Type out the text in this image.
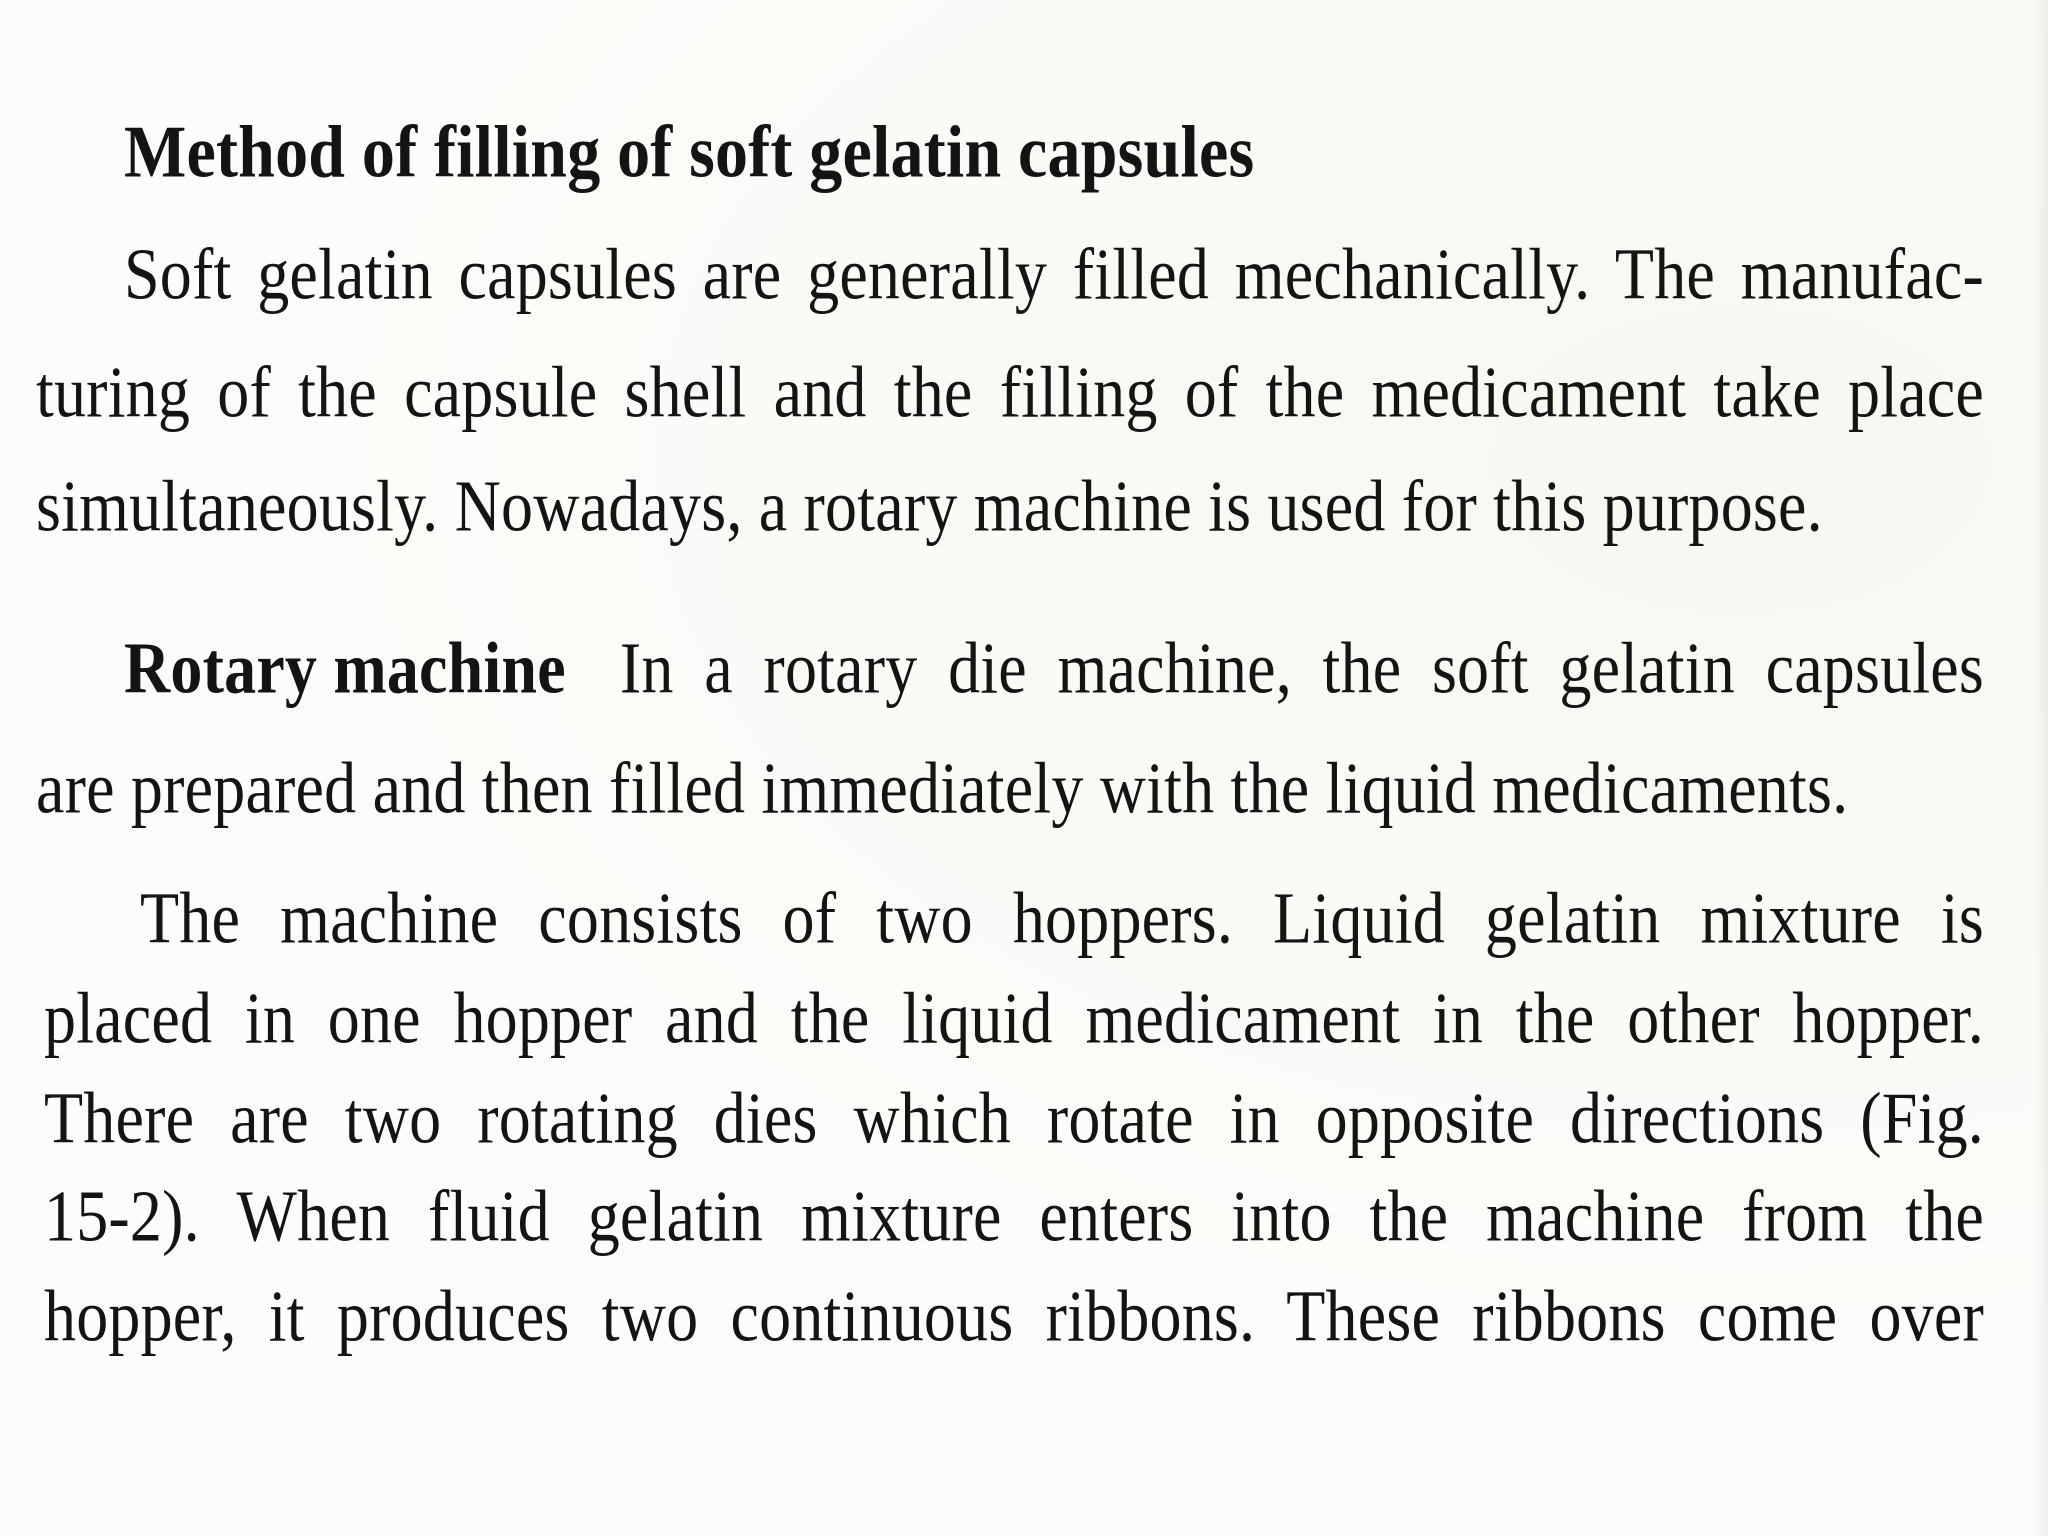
Method of filling of soft gelatin capsules
Soft gelatin capsules are generally filled mechanically. The manufac-
turing of the capsule shell and the filling of the medicament take place
simultaneously. Nowadays, a rotary machine is used for this purpose.
Rotary machine In a rotary die machine, the soft gelatin capsules
are prepared and then filled immediately with the liquid medicaments.
The machine consists of two hoppers. Liquid gelatin mixture is
placed in one hopper and the liquid medicament in the other hopper.
There are two rotating dies which rotate in opposite directions (Fig.
15-2). When fluid gelatin mixture enters into the machine from the
hopper, it produces two continuous ribbons. These ribbons come over
